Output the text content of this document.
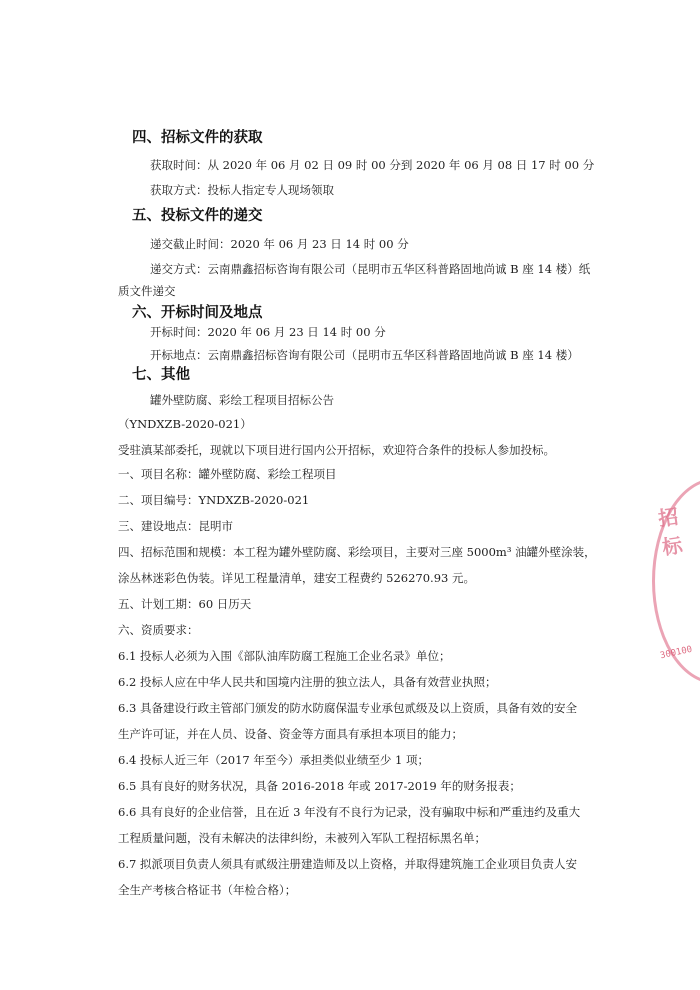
四、招标文件的获取
获取时间：从 2020 年 06 月 02 日 09 时 00 分到 2020 年 06 月 08 日 17 时 00 分
获取方式：投标人指定专人现场领取
五、投标文件的递交
递交截止时间：2020 年 06 月 23 日 14 时 00 分
递交方式：云南鼎鑫招标咨询有限公司（昆明市五华区科普路固地尚诚 B 座 14 楼）纸
质文件递交
六、开标时间及地点
开标时间：2020 年 06 月 23 日 14 时 00 分
开标地点：云南鼎鑫招标咨询有限公司（昆明市五华区科普路固地尚诚 B 座 14 楼）
七、其他
罐外壁防腐、彩绘工程项目招标公告
（YNDXZB-2020-021）
受驻滇某部委托，现就以下项目进行国内公开招标，欢迎符合条件的投标人参加投标。
一、项目名称：罐外壁防腐、彩绘工程项目
二、项目编号：YNDXZB-2020-021
三、建设地点：昆明市
四、招标范围和规模：本工程为罐外壁防腐、彩绘项目，主要对三座 5000m³ 油罐外壁涂装，
涂丛林迷彩色伪装。详见工程量清单，建安工程费约 526270.93 元。
五、计划工期：60 日历天
六、资质要求：
6.1 投标人必须为入围《部队油库防腐工程施工企业名录》单位；
6.2 投标人应在中华人民共和国境内注册的独立法人，具备有效营业执照；
6.3 具备建设行政主管部门颁发的防水防腐保温专业承包贰级及以上资质，具备有效的安全
生产许可证，并在人员、设备、资金等方面具有承担本项目的能力；
6.4 投标人近三年（2017 年至今）承担类似业绩至少 1 项；
6.5 具有良好的财务状况，具备 2016-2018 年或 2017-2019 年的财务报表；
6.6 具有良好的企业信誉，且在近 3 年没有不良行为记录，没有骗取中标和严重违约及重大
工程质量问题，没有未解决的法律纠纷，未被列入军队工程招标黑名单；
6.7 拟派项目负责人须具有贰级注册建造师及以上资格，并取得建筑施工企业项目负责人安
全生产考核合格证书（年检合格）；
招标
300100
